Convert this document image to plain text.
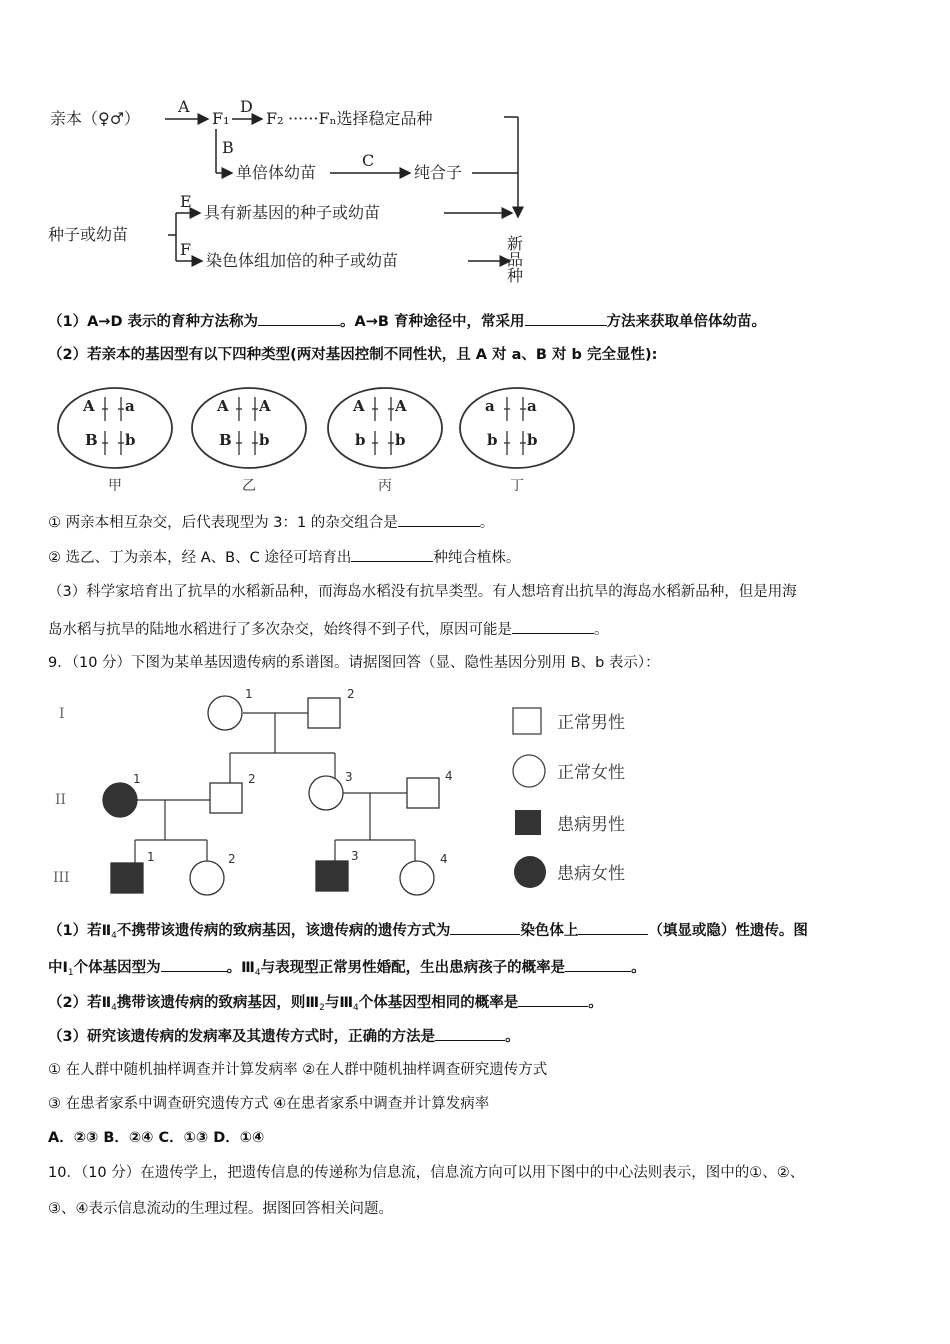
亲本（♀♂）
A
F₁
D
F₂ ······Fₙ选择稳定品种
B
单倍体幼苗
C
纯合子
种子或幼苗
E
具有新基因的种子或幼苗
F
染色体组加倍的种子或幼苗	新品种
（1）A→D 表示的育种方法称为	。A→B 育种途径中，常采用	方法来获取单倍体幼苗。
（2）若亲本的基因型有以下四种类型(两对基因控制不同性状，且 A 对 a、B 对 b 完全显性):
A a
B b
甲
A A
B b
乙
A A
b b
丙
a a
b b
丁
① 两亲本相互杂交，后代表现型为 3：1 的杂交组合是	。
② 选乙、丁为亲本，经 A、B、C 途径可培育出	种纯合植株。
（3）科学家培育出了抗旱的水稻新品种，而海岛水稻没有抗旱类型。有人想培育出抗旱的海岛水稻新品种，但是用海
岛水稻与抗旱的陆地水稻进行了多次杂交，始终得不到子代，原因可能是	。
9．（10 分）下图为某单基因遗传病的系谱图。请据图回答（显、隐性基因分别用 B、b 表示）：
1	2
1	2	3	4
1	2	3	4
I
II
III
正常男性
正常女性
患病男性
患病女性
（1）若$Ⅱ_4$不携带该遗传病的致病基因，该遗传病的遗传方式为	染色体上	（填显或隐）性遗传。图
中$Ⅰ_1$个体基因型为	。$Ⅲ_4$与表现型正常男性婚配，生出患病孩子的概率是	。
（2）若$Ⅱ_4$携带该遗传病的致病基因，则$Ⅲ_2$与$Ⅲ_4$个体基因型相同的概率是	。
（3）研究该遗传病的发病率及其遗传方式时，正确的方法是	。
① 在人群中随机抽样调查并计算发病率 ②在人群中随机抽样调查研究遗传方式
③ 在患者家系中调查研究遗传方式 ④在患者家系中调查并计算发病率
A．②③ B．②④ C．①③ D．①④
10．（10 分）在遗传学上，把遗传信息的传递称为信息流，信息流方向可以用下图中的中心法则表示，图中的①、②、
③、④表示信息流动的生理过程。据图回答相关问题。
